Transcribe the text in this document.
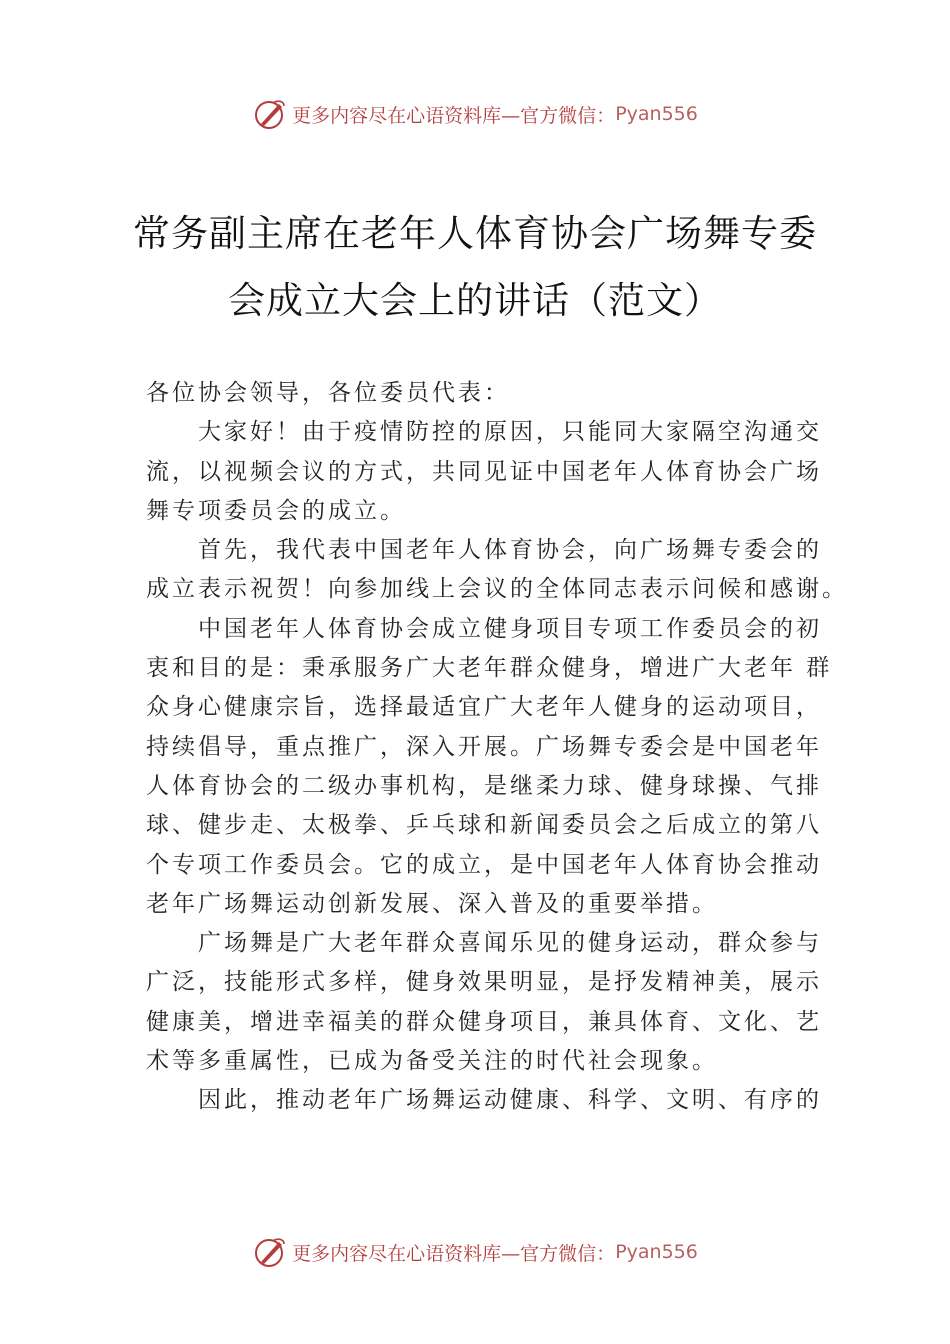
更多内容尽在心语资料库— 官方微信： Pyan556
常务副主席在老年人体育协会广场舞专委
会成立大会上的讲话（范文）
各位协会领导，各位委员代表：
大家好！由于疫情防控的原因，只能同大家隔空沟通交
流，以视频会议的方式，共同见证中国老年人体育协会广场
舞专项委员会的成立。
首先，我代表中国老年人体育协会，向广场舞专委会的
成立表示祝贺！向参加线上会议的全体同志表示问候和感谢。
中国老年人体育协会成立健身项目专项工作委员会的初
衷和目的是：秉承服务广大老年群众健身，增进广大老年 群
众身心健康宗旨，选择最适宜广大老年人健身的运动项目，
持续倡导，重点推广，深入开展。广场舞专委会是中国老年
人体育协会的二级办事机构，是继柔力球、健身球操、气排
球、健步走、太极拳、乒乓球和新闻委员会之后成立的第八
个专项工作委员会。它的成立，是中国老年人体育协会推动
老年广场舞运动创新发展、深入普及的重要举措。
广场舞是广大老年群众喜闻乐见的健身运动，群众参与
广泛，技能形式多样，健身效果明显，是抒发精神美，展示
健康美，增进幸福美的群众健身项目，兼具体育、文化、艺
术等多重属性，已成为备受关注的时代社会现象。
因此，推动老年广场舞运动健康、科学、文明、有序的
更多内容尽在心语资料库— 官方微信： Pyan556
